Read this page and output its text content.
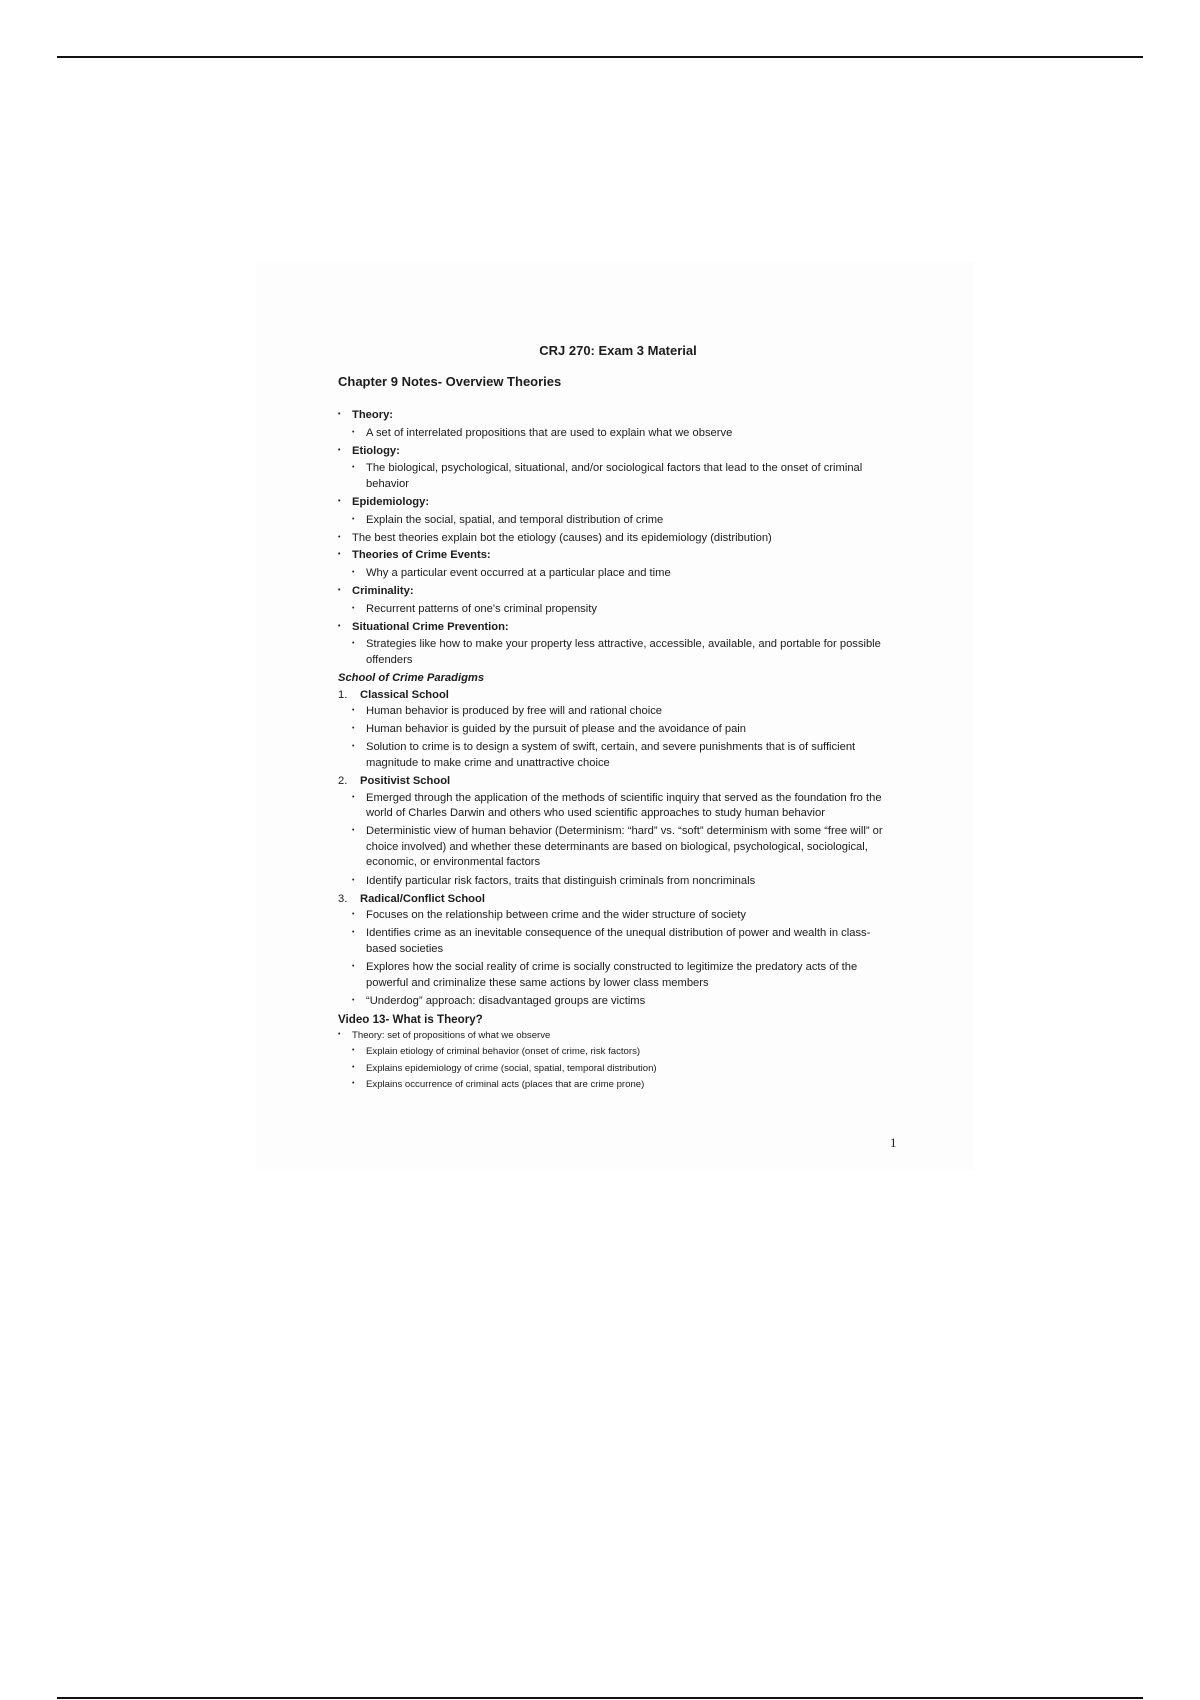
CRJ 270: Exam 3 Material
Chapter 9 Notes- Overview Theories
• Theory:
• A set of interrelated propositions that are used to explain what we observe
• Etiology:
• The biological, psychological, situational, and/or sociological factors that lead to the onset of criminal behavior
• Epidemiology:
• Explain the social, spatial, and temporal distribution of crime
• The best theories explain bot the etiology (causes) and its epidemiology (distribution)
• Theories of Crime Events:
• Why a particular event occurred at a particular place and time
• Criminality:
• Recurrent patterns of one's criminal propensity
• Situational Crime Prevention:
• Strategies like how to make your property less attractive, accessible, available, and portable for possible offenders
School of Crime Paradigms
1. Classical School
• Human behavior is produced by free will and rational choice
• Human behavior is guided by the pursuit of please and the avoidance of pain
• Solution to crime is to design a system of swift, certain, and severe punishments that is of sufficient magnitude to make crime and unattractive choice
2. Positivist School
• Emerged through the application of the methods of scientific inquiry that served as the foundation fro the world of Charles Darwin and others who used scientific approaches to study human behavior
• Deterministic view of human behavior (Determinism: “hard” vs. “soft” determinism with some “free will” or choice involved) and whether these determinants are based on biological, psychological, sociological, economic, or environmental factors
• Identify particular risk factors, traits that distinguish criminals from noncriminals
3. Radical/Conflict School
• Focuses on the relationship between crime and the wider structure of society
• Identifies crime as an inevitable consequence of the unequal distribution of power and wealth in class-based societies
• Explores how the social reality of crime is socially constructed to legitimize the predatory acts of the powerful and criminalize these same actions by lower class members
• “Underdog” approach: disadvantaged groups are victims
Video 13- What is Theory?
• Theory: set of propositions of what we observe
• Explain etiology of criminal behavior (onset of crime, risk factors)
• Explains epidemiology of crime (social, spatial, temporal distribution)
• Explains occurrence of criminal acts (places that are crime prone)
1
